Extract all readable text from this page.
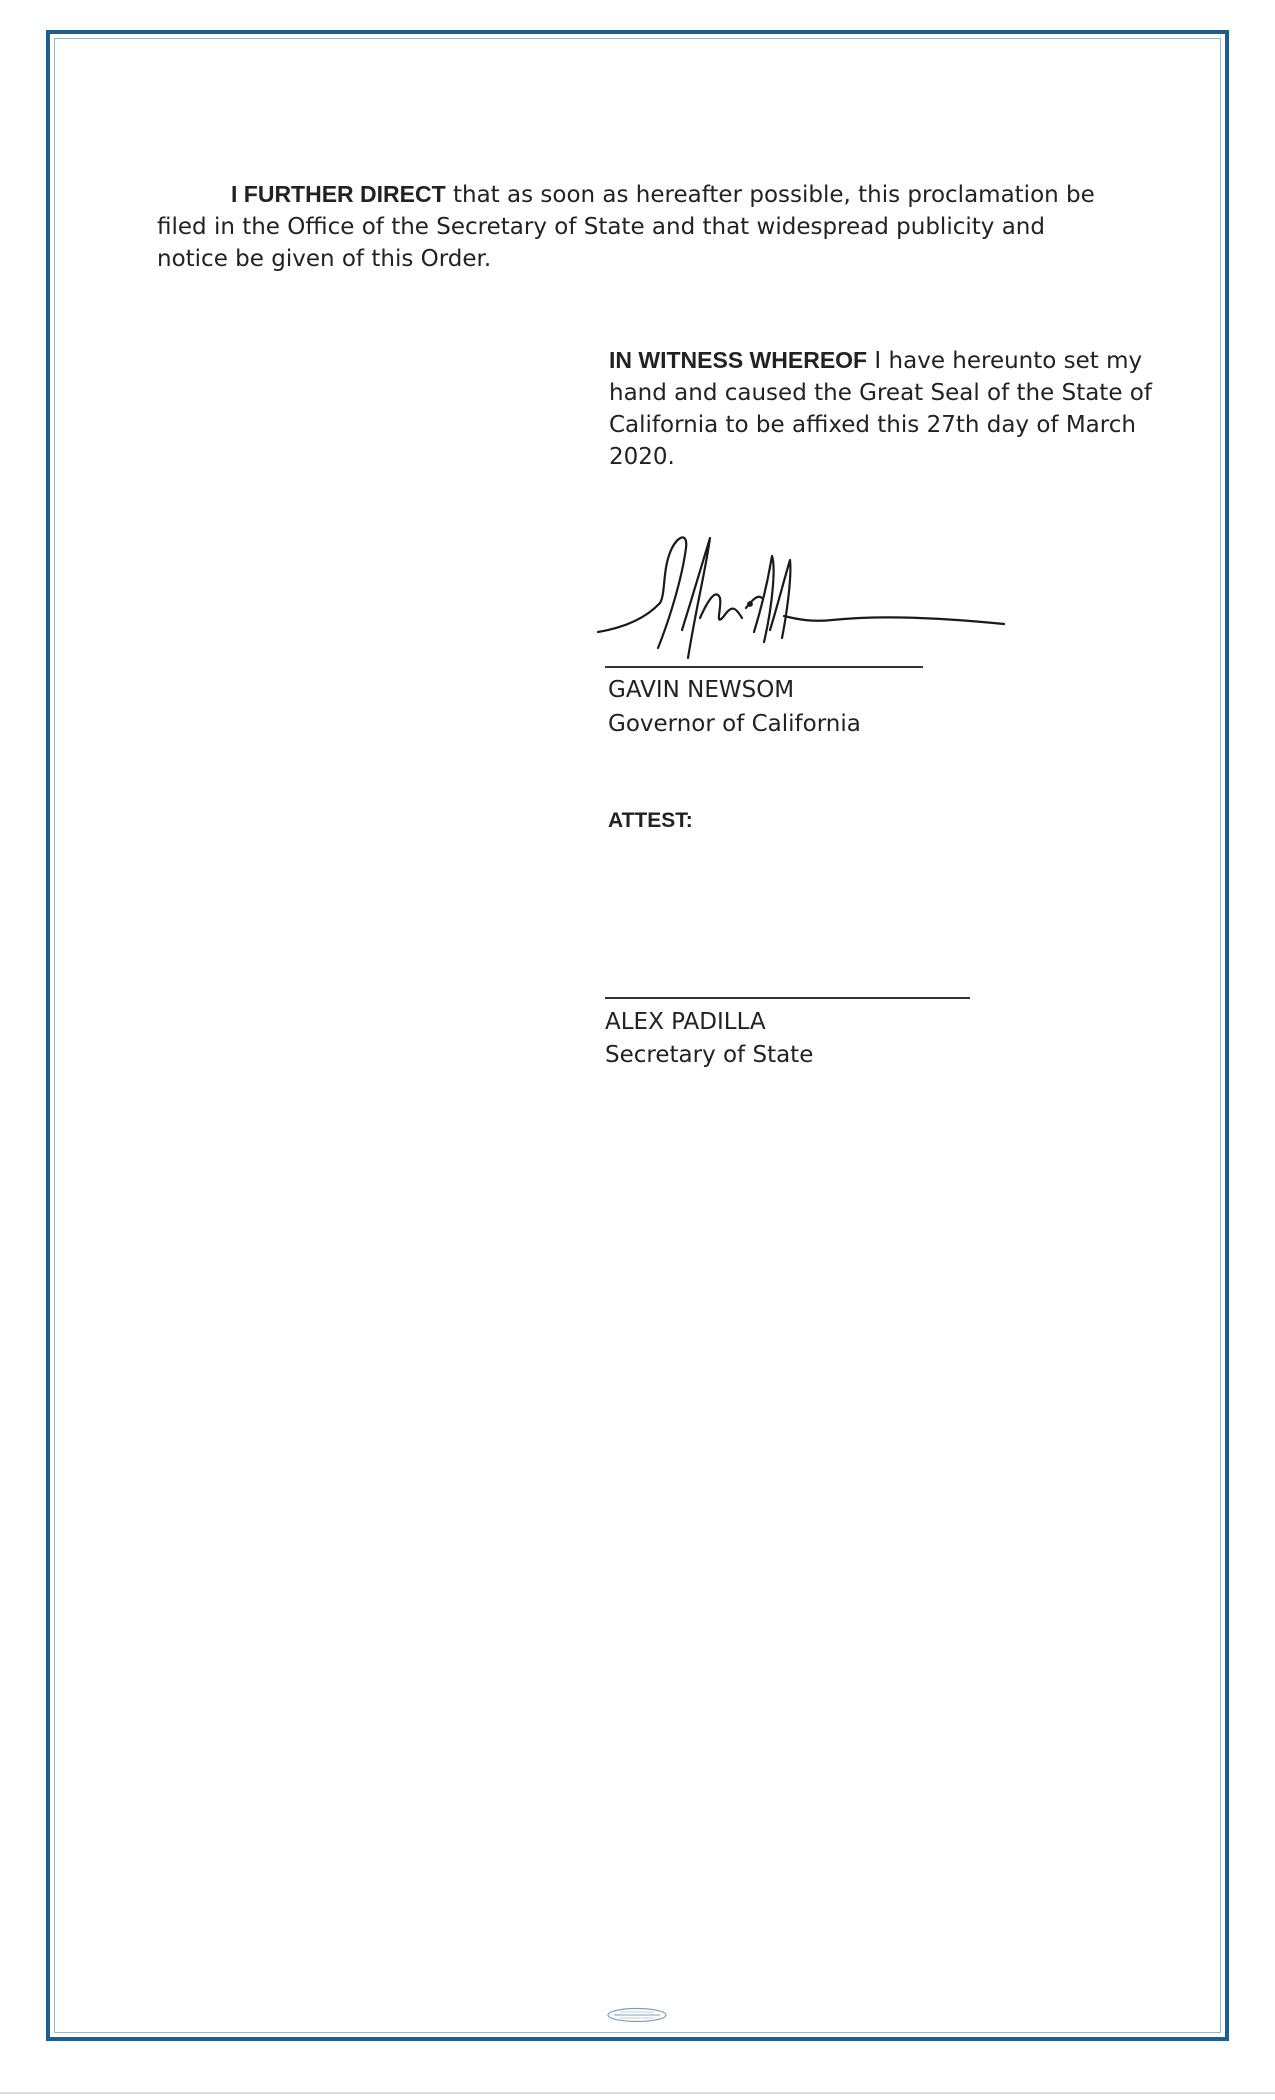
I FURTHER DIRECT that as soon as hereafter possible, this proclamation be filed in the Office of the Secretary of State and that widespread publicity and notice be given of this Order.

IN WITNESS WHEREOF I have hereunto set my hand and caused the Great Seal of the State of California to be affixed this 27th day of March 2020.

GAVIN NEWSOM

Governor of California

ATTEST:

ALEX PADILLA

Secretary of State
